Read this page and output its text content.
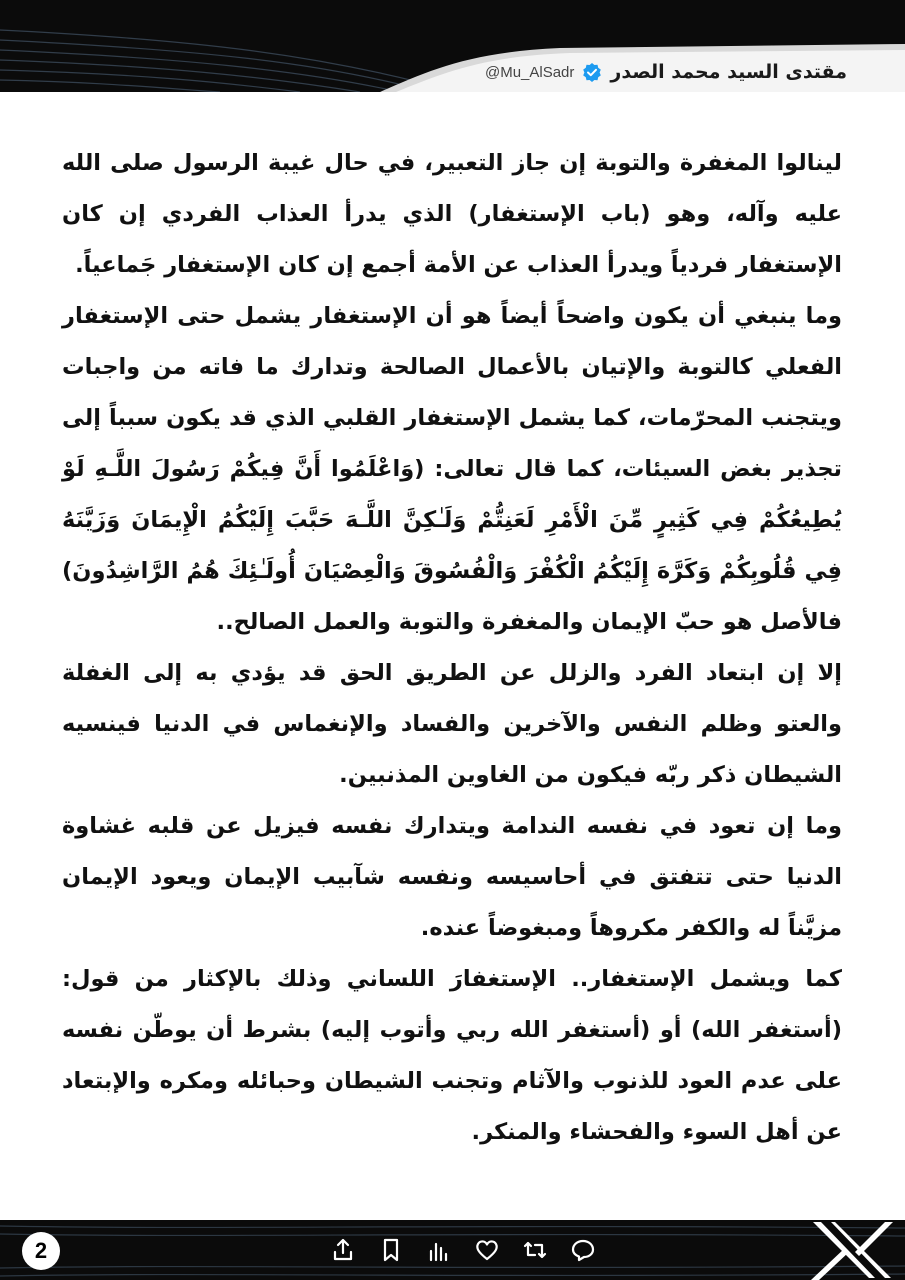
مقتدى السيد محمد الصدر
@Mu_AlSadr

لينالوا المغفرة والتوبة إن جاز التعبير، في حال غيبة الرسول صلى الله عليه وآله، وهو (باب الإستغفار) الذي يدرأ العذاب الفردي إن كان الإستغفار فردياً ويدرأ العذاب عن الأمة أجمع إن كان الإستغفار جَماعياً.

وما ينبغي أن يكون واضحاً أيضاً هو أن الإستغفار يشمل حتى الإستغفار الفعلي كالتوبة والإتيان بالأعمال الصالحة وتدارك ما فاته من واجبات ويتجنب المحرّمات، كما يشمل الإستغفار القلبي الذي قد يكون سبباً إلى تجذير بغض السيئات، كما قال تعالى: (وَاعْلَمُوا أَنَّ فِيكُمْ رَسُولَ اللَّـهِ لَوْ يُطِيعُكُمْ فِي كَثِيرٍ مِّنَ الْأَمْرِ لَعَنِتُّمْ وَلَـٰكِنَّ اللَّـهَ حَبَّبَ إِلَيْكُمُ الْإِيمَانَ وَزَيَّنَهُ فِي قُلُوبِكُمْ وَكَرَّهَ إِلَيْكُمُ الْكُفْرَ وَالْفُسُوقَ وَالْعِصْيَانَ أُولَـٰئِكَ هُمُ الرَّاشِدُونَ) فالأصل هو حبّ الإيمان والمغفرة والتوبة والعمل الصالح..

إلا إن ابتعاد الفرد والزلل عن الطريق الحق قد يؤدي به إلى الغفلة والعتو وظلم النفس والآخرين والفساد والإنغماس في الدنيا فينسيه الشيطان ذكر ربّه فيكون من الغاوين المذنبين.

وما إن تعود في نفسه الندامة ويتدارك نفسه فيزيل عن قلبه غشاوة الدنيا حتى تتفتق في أحاسيسه ونفسه شآبيب الإيمان ويعود الإيمان مزيَّناً له والكفر مكروهاً ومبغوضاً عنده.

كما ويشمل الإستغفار.. الإستغفارَ اللساني وذلك بالإكثار من قول: (أستغفر الله) أو (أستغفر الله ربي وأتوب إليه) بشرط أن يوطّن نفسه على عدم العود للذنوب والآثام وتجنب الشيطان وحبائله ومكره والإبتعاد عن أهل السوء والفحشاء والمنكر.

2
